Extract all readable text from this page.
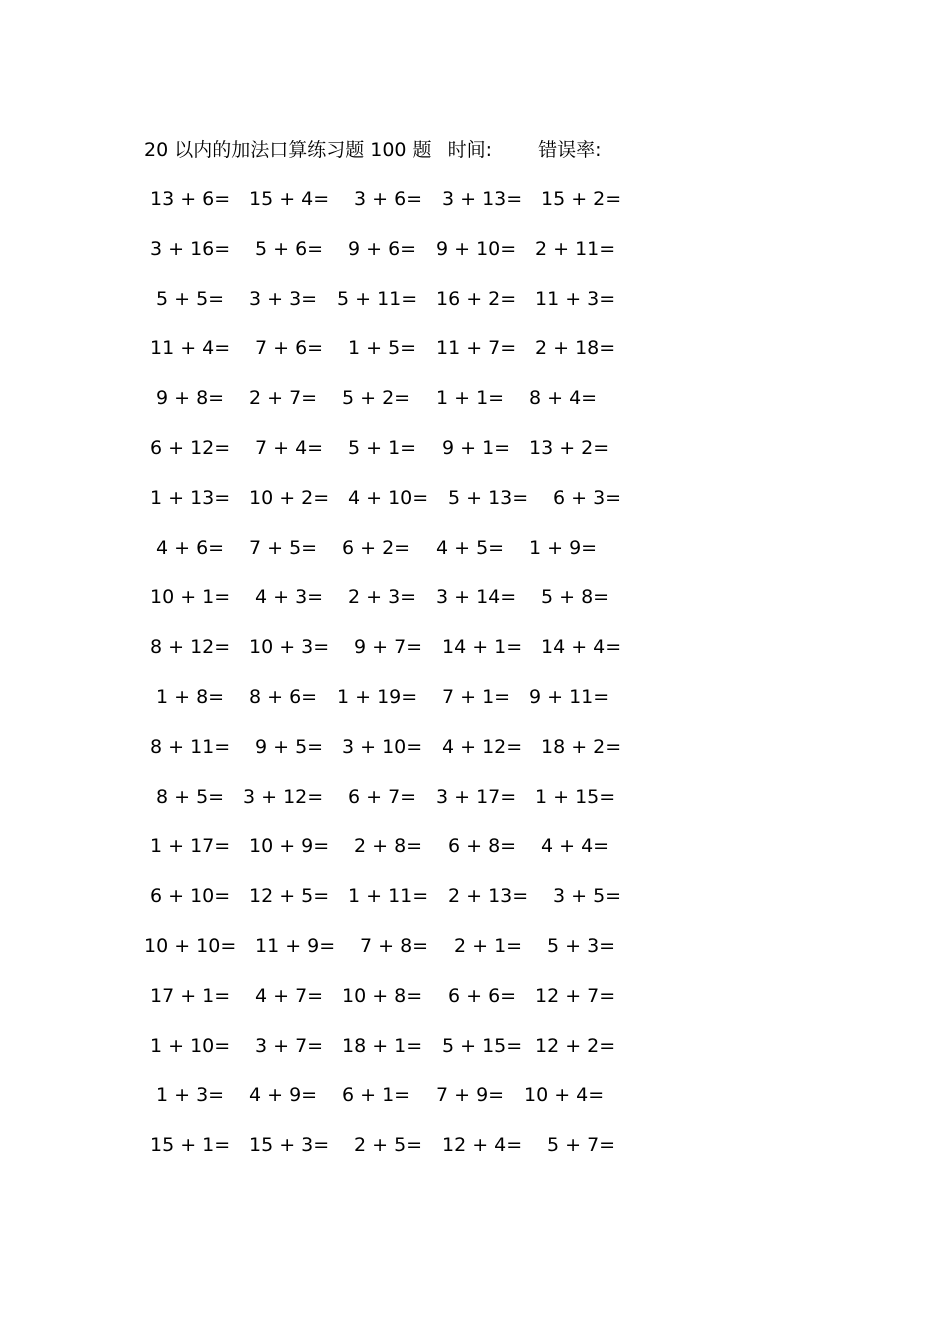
20 以内的加法口算练习题 100 题 时间: 错误率:
13 + 6= 15 + 4=	3 + 6=	3 + 13= 15 + 2=
3 + 16=	5 + 6=	9 + 6=	9 + 10= 2 + 11=
5 + 5=	3 + 3=	5 + 11= 16 + 2= 11 + 3=
11 + 4=	7 + 6=	1 + 5=	11 + 7= 2 + 18=
9 + 8=	2 + 7=	5 + 2=	1 + 1=	8 + 4=
6 + 12=	7 + 4=	5 + 1=	9 + 1= 13 + 2=
1 + 13= 10 + 2= 4 + 10=	5 + 13=	6 + 3=
4 + 6=	7 + 5=	6 + 2=	4 + 5=	1 + 9=
10 + 1=	4 + 3=	2 + 3=	3 + 14=	5 + 8=
8 + 12= 10 + 3=	9 + 7=	14 + 1= 14 + 4=
1 + 8=	8 + 6=	1 + 19=	7 + 1= 9 + 11=
8 + 11=	9 + 5= 3 + 10=	4 + 12= 18 + 2=
8 + 5= 3 + 12=	6 + 7=	3 + 17= 1 + 15=
1 + 17= 10 + 9=	2 + 8=	6 + 8=	4 + 4=
6 + 10= 12 + 5= 1 + 11=	2 + 13=	3 + 5=
10 + 10= 11 + 9=	7 + 8=	2 + 1=	5 + 3=
17 + 1=	4 + 7= 10 + 8=	6 + 6= 12 + 7=
1 + 10=	3 + 7= 18 + 1=	5 + 15= 12 + 2=
1 + 3=	4 + 9=	6 + 1=	7 + 9=	10 + 4=
15 + 1= 15 + 3=	2 + 5=	12 + 4=	5 + 7=
